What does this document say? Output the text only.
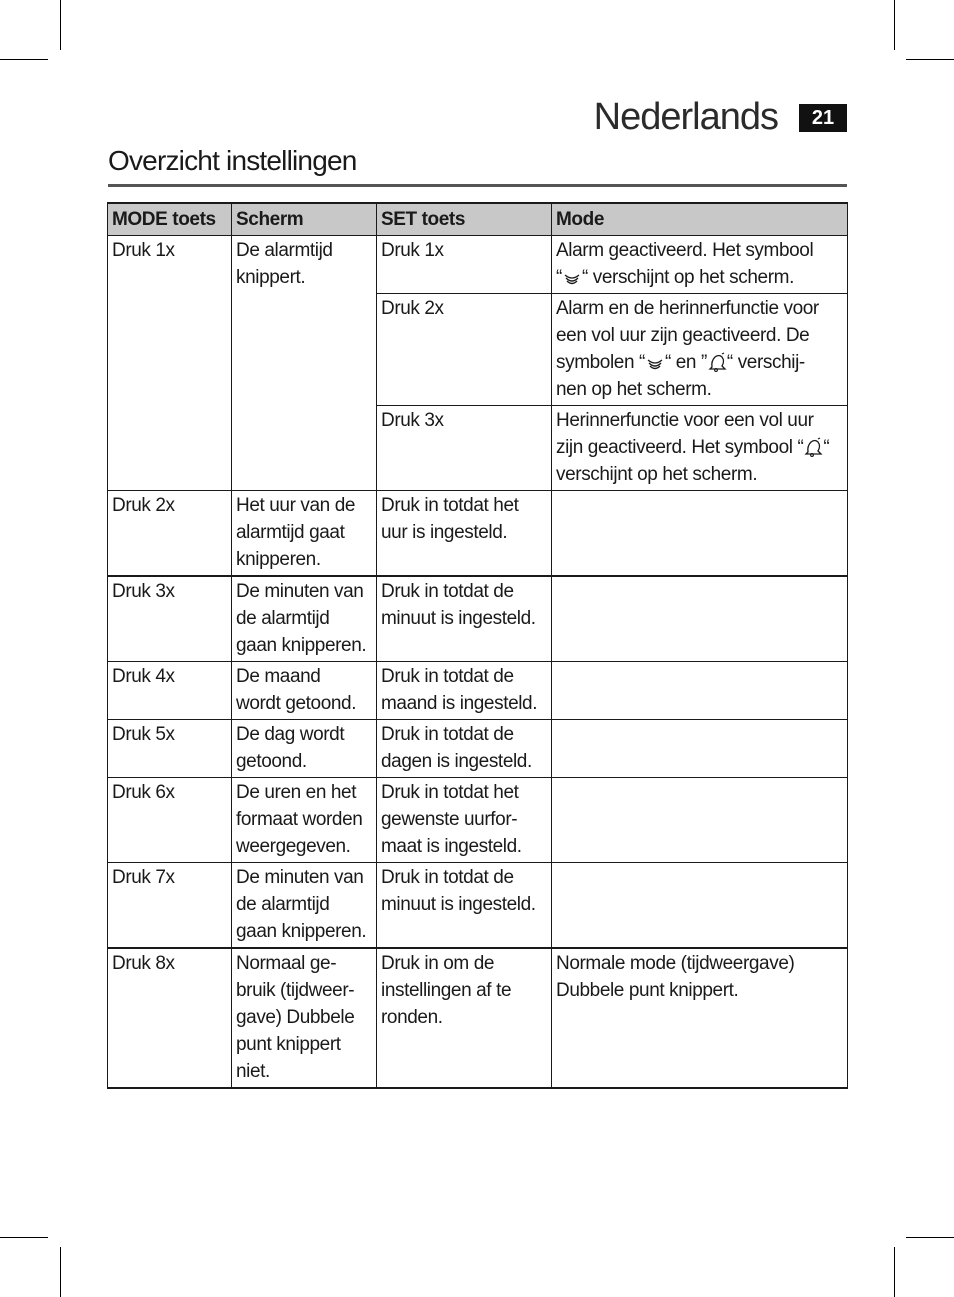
Nederlands	21
Overzicht instellingen
MODE toets	Scherm	SET toets	Mode
Druk 1x	De alarmtijd
knippert.	Druk 1x	Alarm geactiveerd. Het symbool
“ “ verschijnt op het scherm.
		Druk 2x	Alarm en de herinnerfunctie voor
een vol uur zijn geactiveerd. De
symbolen “ “ en ” “ verschij-
nen op het scherm.
		Druk 3x	Herinnerfunctie voor een vol uur
zijn geactiveerd. Het symbool “ “
verschijnt op het scherm.
Druk 2x	Het uur van de
alarmtijd gaat
knipperen.	Druk in totdat het
uur is ingesteld.	
Druk 3x	De minuten van
de alarmtijd
gaan knipperen.	Druk in totdat de
minuut is ingesteld.	
Druk 4x	De maand
wordt getoond.	Druk in totdat de
maand is ingesteld.	
Druk 5x	De dag wordt
getoond.	Druk in totdat de
dagen is ingesteld.	
Druk 6x	De uren en het
formaat worden
weergegeven.	Druk in totdat het
gewenste uurfor-
maat is ingesteld.	
Druk 7x	De minuten van
de alarmtijd
gaan knipperen.	Druk in totdat de
minuut is ingesteld.	
Druk 8x	Normaal ge-
bruik (tijdweer-
gave) Dubbele
punt knippert
niet.	Druk in om de
instellingen af te
ronden.	Normale mode (tijdweergave)
Dubbele punt knippert.
